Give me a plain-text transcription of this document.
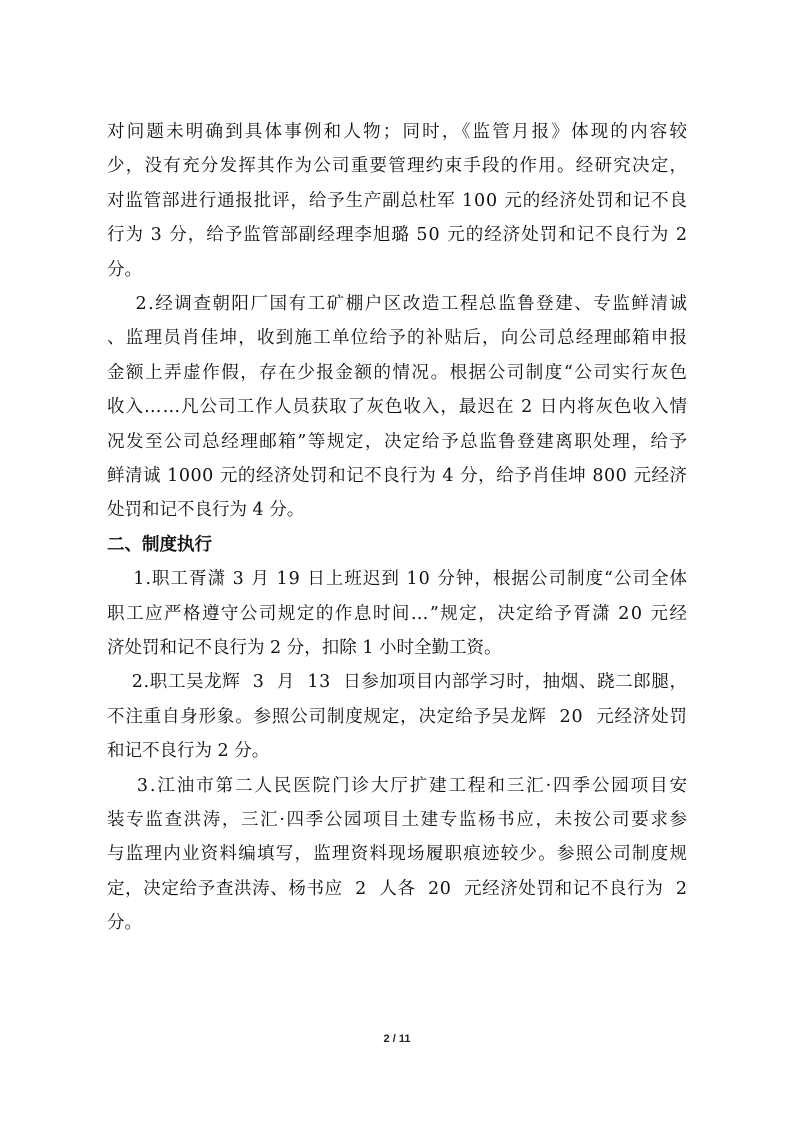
对问题未明确到具体事例和人物；同时，《监管月报》体现的内容较
少，没有充分发挥其作为公司重要管理约束手段的作用。经研究决定，
对监管部进行通报批评，给予生产副总杜军 100 元的经济处罚和记不良
行为 3 分，给予监管部副经理李旭璐 50 元的经济处罚和记不良行为 2
分。
2.经调查朝阳厂国有工矿棚户区改造工程总监鲁登建、专监鲜清诚
、监理员肖佳坤，收到施工单位给予的补贴后，向公司总经理邮箱申报
金额上弄虚作假，存在少报金额的情况。根据公司制度“公司实行灰色
收入……凡公司工作人员获取了灰色收入，最迟在 2 日内将灰色收入情
况发至公司总经理邮箱”等规定，决定给予总监鲁登建离职处理，给予
鲜清诚 1000 元的经济处罚和记不良行为 4 分，给予肖佳坤 800 元经济
处罚和记不良行为 4 分。
二、制度执行
1.职工胥潇 3 月 19 日上班迟到 10 分钟，根据公司制度“公司全体
职工应严格遵守公司规定的作息时间…”规定，决定给予胥潇 20 元经
济处罚和记不良行为 2 分，扣除 1 小时全勤工资。
2.职工吴龙辉  3  月  13  日参加项目内部学习时，抽烟、跷二郎腿，
不注重自身形象。参照公司制度规定，决定给予吴龙辉  20  元经济处罚
和记不良行为 2 分。
3.江油市第二人民医院门诊大厅扩建工程和三汇·四季公园项目安
装专监查洪涛，三汇·四季公园项目土建专监杨书应，未按公司要求参
与监理内业资料编填写，监理资料现场履职痕迹较少。参照公司制度规
定，决定给予查洪涛、杨书应  2  人各  20  元经济处罚和记不良行为  2
分。
2 / 11
